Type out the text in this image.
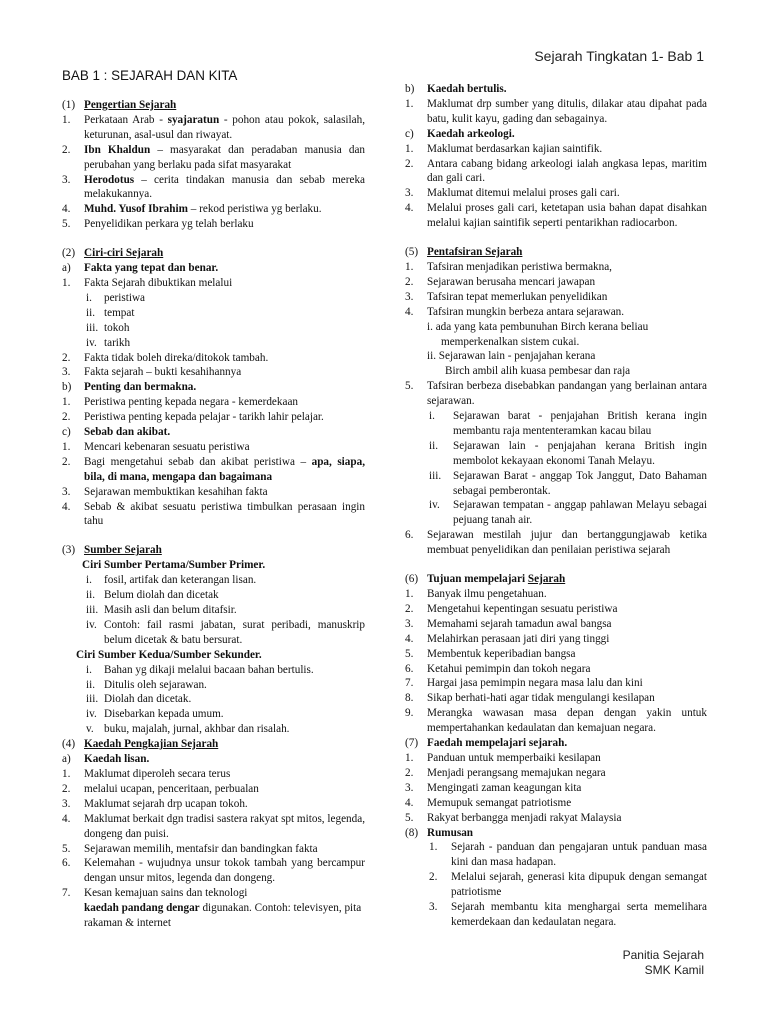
Sejarah Tingkatan 1- Bab 1
BAB 1 : SEJARAH DAN KITA
(1) Pengertian Sejarah
1.	Perkataan Arab - syajaratun - pohon atau pokok, salasilah, keturunan, asal-usul dan riwayat.
2.	Ibn Khaldun – masyarakat dan peradaban manusia dan perubahan yang berlaku pada sifat masyarakat
3.	Herodotus – cerita tindakan manusia dan sebab mereka melakukannya.
4.	Muhd. Yusof Ibrahim – rekod peristiwa yg berlaku.
5.	Penyelidikan perkara yg telah berlaku
(2) Ciri-ciri Sejarah
a)	Fakta yang tepat dan benar.
1.	Fakta Sejarah dibuktikan melalui
i.	peristiwa
ii. tempat
iii. tokoh
iv. tarikh
2.	Fakta tidak boleh direka/ditokok tambah.
3.	Fakta sejarah – bukti kesahihannya
b)	Penting dan bermakna.
1.	Peristiwa penting kepada negara - kemerdekaan
2.	Peristiwa penting kepada pelajar - tarikh lahir pelajar.
c)	Sebab dan akibat.
1.	Mencari kebenaran sesuatu peristiwa
2.	Bagi mengetahui sebab dan akibat peristiwa – apa, siapa, bila, di mana, mengapa dan bagaimana
3.	Sejarawan membuktikan kesahihan fakta
4.	Sebab & akibat sesuatu peristiwa timbulkan perasaan ingin tahu
(3) Sumber Sejarah
Ciri Sumber Pertama/Sumber Primer.
i.	fosil, artifak dan keterangan lisan.
ii. Belum diolah dan dicetak
iii. Masih asli dan belum ditafsir.
iv. Contoh: fail rasmi jabatan, surat peribadi, manuskrip belum dicetak & batu bersurat.
Ciri Sumber Kedua/Sumber Sekunder.
i.	Bahan yg dikaji melalui bacaan bahan bertulis.
ii. Ditulis oleh sejarawan.
iii. Diolah dan dicetak.
iv. Disebarkan kepada umum.
v. buku, majalah, jurnal, akhbar dan risalah.
(4) Kaedah Pengkajian Sejarah
a)	Kaedah lisan.
1.	Maklumat diperoleh secara terus
2.	melalui ucapan, penceritaan, perbualan
3.	Maklumat sejarah drp ucapan tokoh.
4.	Maklumat berkait dgn tradisi sastera rakyat spt mitos, legenda, dongeng dan puisi.
5.	Sejarawan memilih, mentafsir dan bandingkan fakta
6.	Kelemahan - wujudnya unsur tokok tambah yang bercampur dengan unsur mitos, legenda dan dongeng.
7.	Kesan kemajuan sains dan teknologi
kaedah pandang dengar digunakan. Contoh: televisyen, pita rakaman & internet
b)	Kaedah bertulis.
1.	Maklumat drp sumber yang ditulis, dilakar atau dipahat pada batu, kulit kayu, gading dan sebagainya.
c)	Kaedah arkeologi.
1.	Maklumat berdasarkan kajian saintifik.
2.	Antara cabang bidang arkeologi ialah angkasa lepas, maritim dan gali cari.
3.	Maklumat ditemui melalui proses gali cari.
4.	Melalui proses gali cari, ketetapan usia bahan dapat disahkan melalui kajian saintifik seperti pentarikhan radiocarbon.
(5) Pentafsiran Sejarah
1.	Tafsiran menjadikan peristiwa bermakna,
2.	Sejarawan berusaha mencari jawapan
3.	Tafsiran tepat memerlukan penyelidikan
4.	Tafsiran mungkin berbeza antara sejarawan.
i. ada yang kata pembunuhan Birch kerana beliau
memperkenalkan sistem cukai.
ii. Sejarawan lain - penjajahan kerana
Birch ambil alih kuasa pembesar dan raja
5.	Tafsiran berbeza disebabkan pandangan yang berlainan antara sejarawan.
i.	Sejarawan barat - penjajahan British kerana ingin membantu raja mententeramkan kacau bilau
ii.	Sejarawan lain - penjajahan kerana British ingin membolot kekayaan ekonomi Tanah Melayu.
iii.	Sejarawan Barat - anggap Tok Janggut, Dato Bahaman sebagai pemberontak.
iv.	Sejarawan tempatan - anggap pahlawan Melayu sebagai pejuang tanah air.
6.	Sejarawan mestilah jujur dan bertanggungjawab ketika membuat penyelidikan dan penilaian peristiwa sejarah
(6) Tujuan mempelajari Sejarah
1.	Banyak ilmu pengetahuan.
2.	Mengetahui kepentingan sesuatu peristiwa
3.	Memahami sejarah tamadun awal bangsa
4.	Melahirkan perasaan jati diri yang tinggi
5.	Membentuk keperibadian bangsa
6.	Ketahui pemimpin dan tokoh negara
7.	Hargai jasa pemimpin negara masa lalu dan kini
8.	Sikap berhati-hati agar tidak mengulangi kesilapan
9.	Merangka wawasan masa depan dengan yakin untuk mempertahankan kedaulatan dan kemajuan negara.
(7) Faedah mempelajari sejarah.
1.	Panduan untuk memperbaiki kesilapan
2.	Menjadi perangsang memajukan negara
3.	Mengingati zaman keagungan kita
4.	Memupuk semangat patriotisme
5.	Rakyat berbangga menjadi rakyat Malaysia
(8) Rumusan
1.	Sejarah - panduan dan pengajaran untuk panduan masa kini dan masa hadapan.
2.	Melalui sejarah, generasi kita dipupuk dengan semangat patriotisme
3.	Sejarah membantu kita menghargai serta memelihara kemerdekaan dan kedaulatan negara.
Panitia Sejarah
SMK Kamil
